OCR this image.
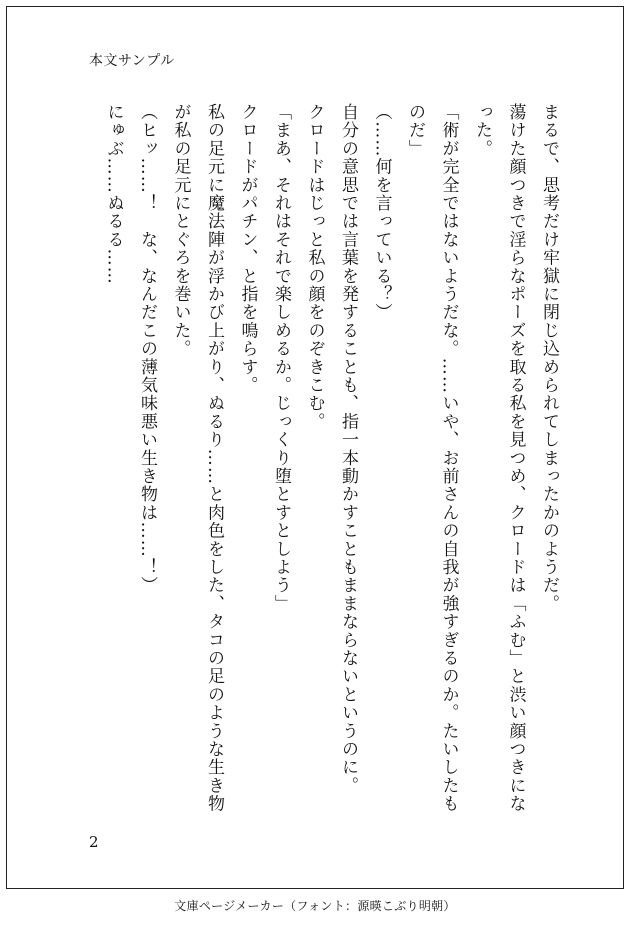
本文サンプル

まるで、思考だけ牢獄に閉じ込められてしまったかのようだ。

蕩けた顔つきで淫らなポーズを取る私を見つめ、クロードは「ふむ」と渋い顔つきになった。

「術が完全ではないようだな。……いや、お前さんの自我が強すぎるのか。たいしたものだ」

（……何を言っている？）

自分の意思では言葉を発することも、指一本動かすこともままならないというのに。

クロードはじっと私の顔をのぞきこむ。

「まあ、それはそれで楽しめるか。じっくり堕とすとしよう」

クロードがパチン、と指を鳴らす。

私の足元に魔法陣が浮かび上がり、ぬるり……と肉色をした、タコの足のような生き物が私の足元にとぐろを巻いた。

（ヒッ……！　な、なんだこの薄気味悪い生き物は……！）

にゅぶ……ぬるる……

2
文庫ページメーカー（フォント：源暎こぶり明朝）
